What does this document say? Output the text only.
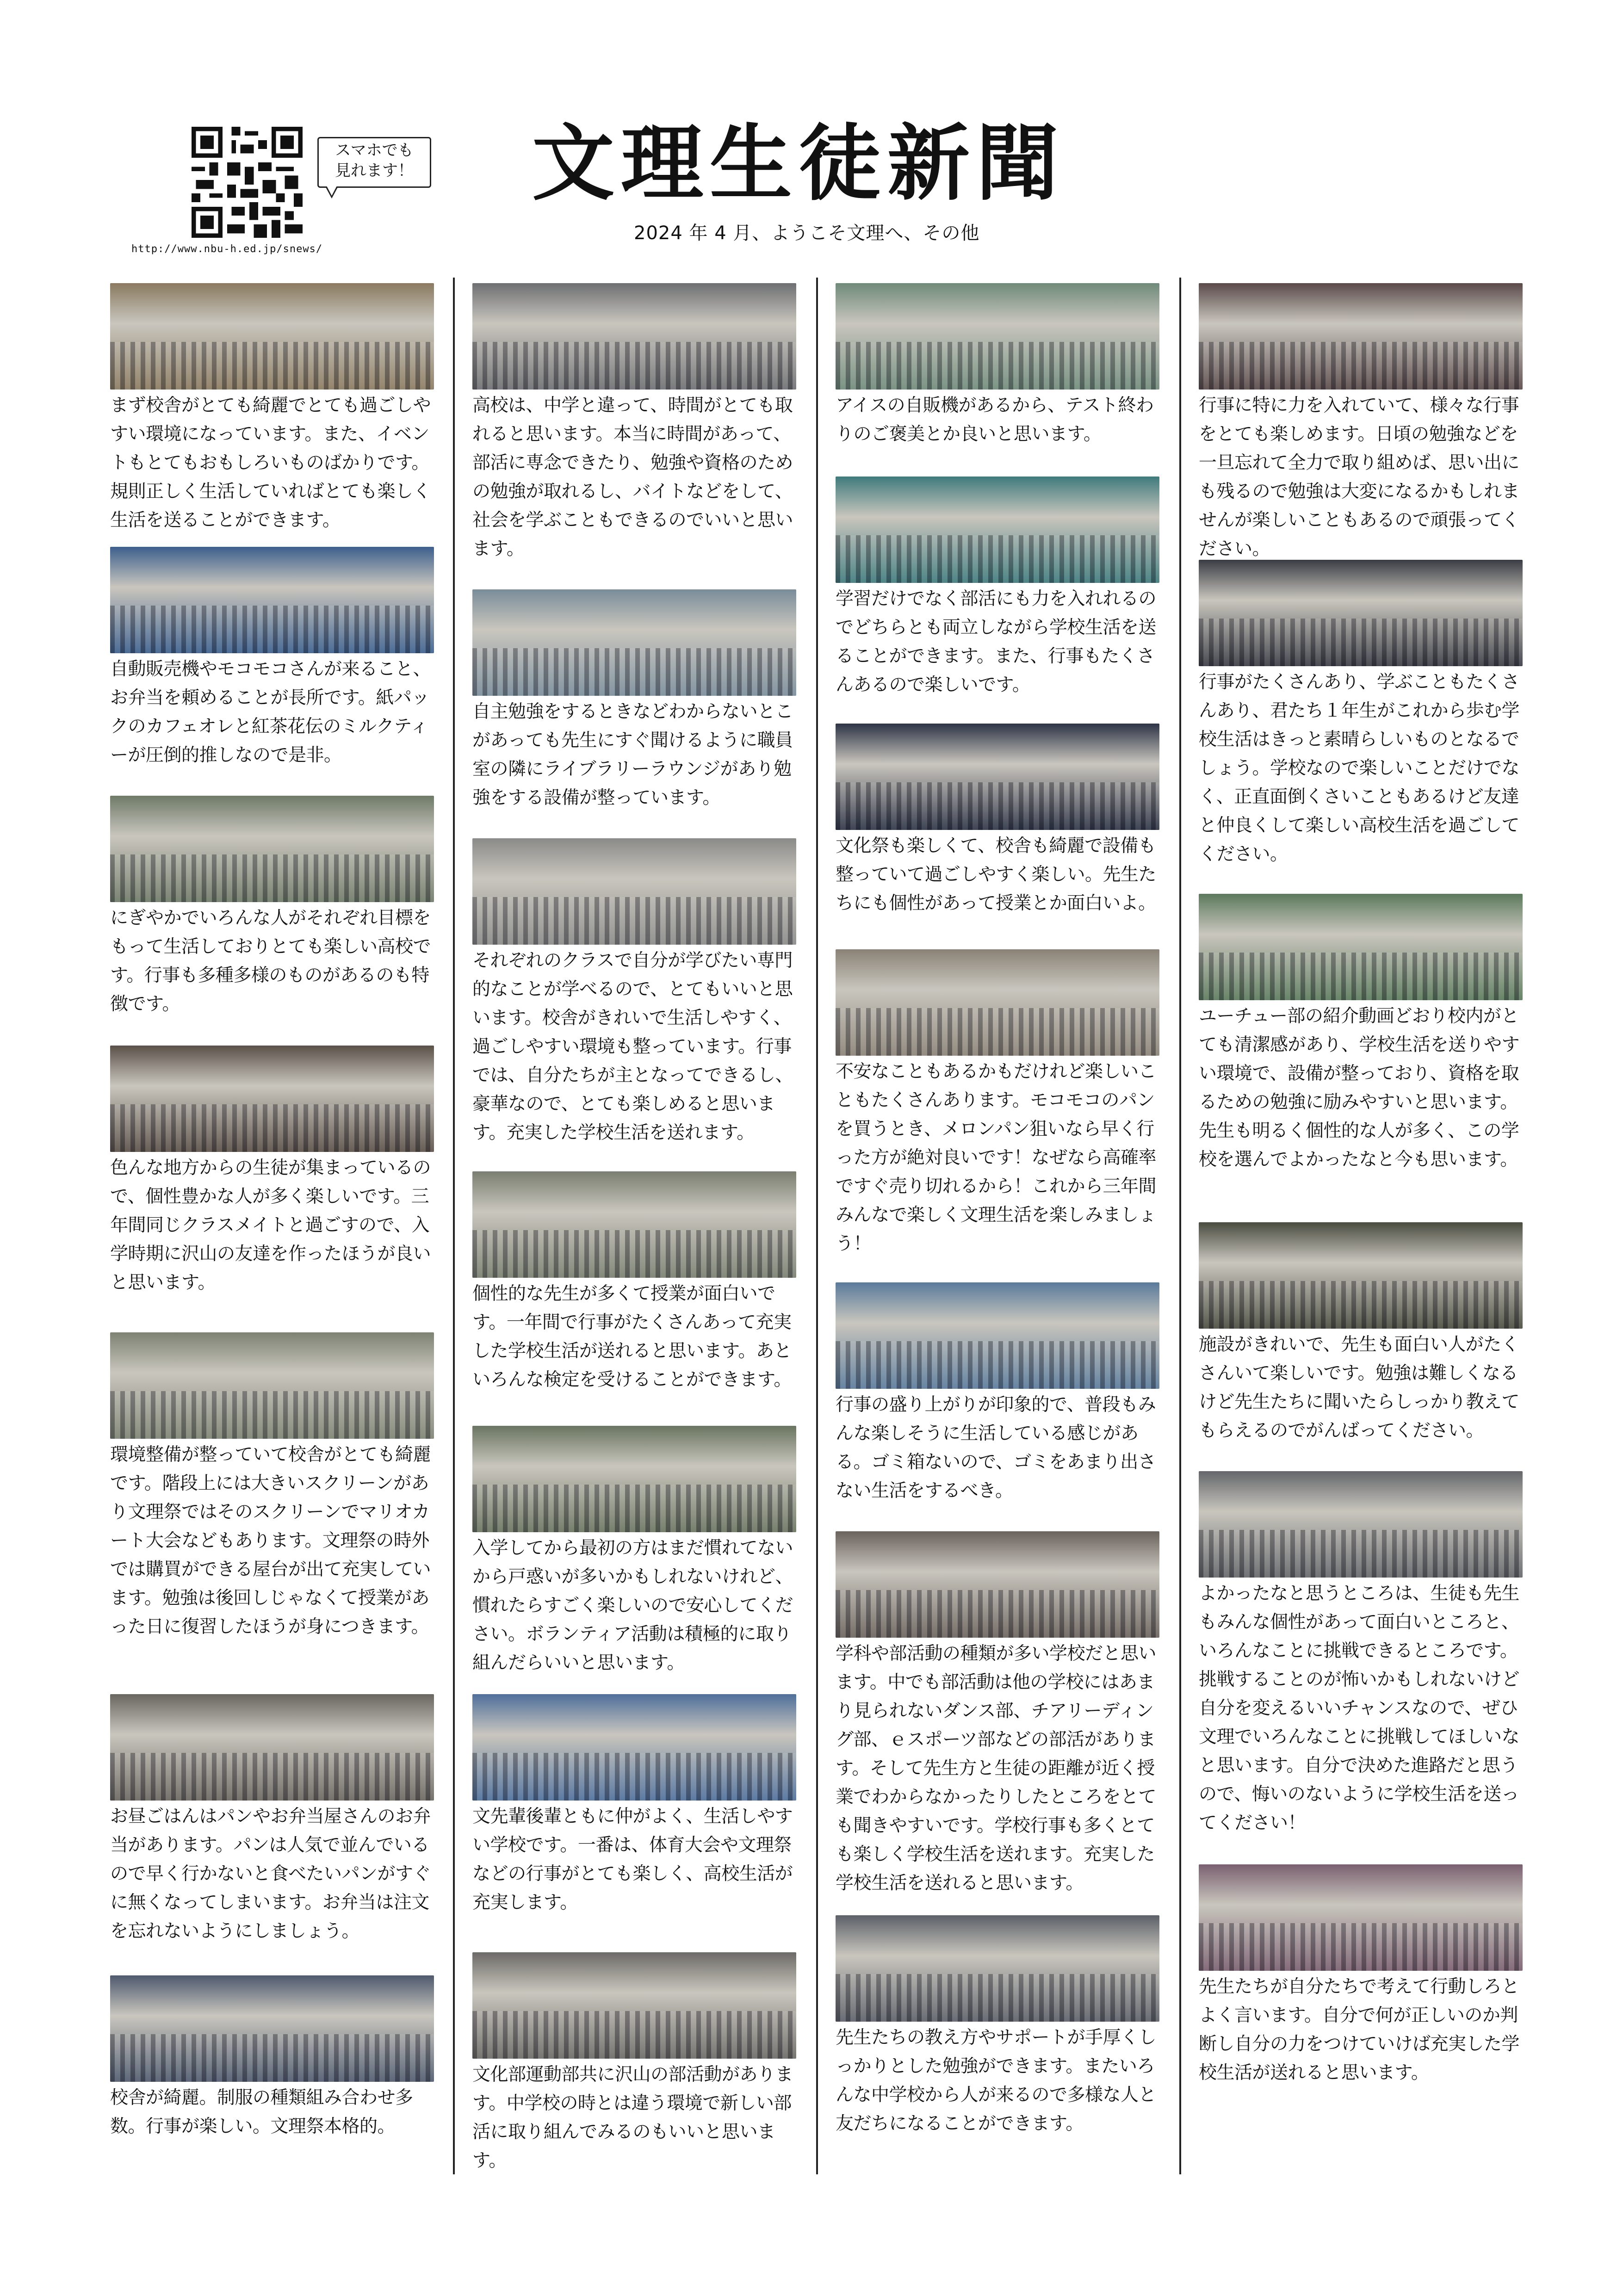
スマホでも
見れます！
http://www.nbu-h.ed.jp/snews/
文理生徒新聞
2024 年 4 月、ようこそ文理へ、その他

まず校舎がとても綺麗でとても過ごしやすい環境になっています。また、イベントもとてもおもしろいものばかりです。規則正しく生活していればとても楽しく生活を送ることができます。

自動販売機やモコモコさんが来ること、お弁当を頼めることが長所です。紙パックのカフェオレと紅茶花伝のミルクティーが圧倒的推しなので是非。

にぎやかでいろんな人がそれぞれ目標をもって生活しておりとても楽しい高校です。行事も多種多様のものがあるのも特徴です。

色んな地方からの生徒が集まっているので、個性豊かな人が多く楽しいです。三年間同じクラスメイトと過ごすので、入学時期に沢山の友達を作ったほうが良いと思います。

環境整備が整っていて校舎がとても綺麗です。階段上には大きいスクリーンがあり文理祭ではそのスクリーンでマリオカート大会などもあります。文理祭の時外では購買ができる屋台が出て充実しています。勉強は後回しじゃなくて授業があった日に復習したほうが身につきます。

お昼ごはんはパンやお弁当屋さんのお弁当があります。パンは人気で並んでいるので早く行かないと食べたいパンがすぐに無くなってしまいます。お弁当は注文を忘れないようにしましょう。

校舎が綺麗。制服の種類組み合わせ多数。行事が楽しい。文理祭本格的。

高校は、中学と違って、時間がとても取れると思います。本当に時間があって、部活に専念できたり、勉強や資格のための勉強が取れるし、バイトなどをして、社会を学ぶこともできるのでいいと思います。

自主勉強をするときなどわからないとこがあっても先生にすぐ聞けるように職員室の隣にライブラリーラウンジがあり勉強をする設備が整っています。

それぞれのクラスで自分が学びたい専門的なことが学べるので、とてもいいと思います。校舎がきれいで生活しやすく、過ごしやすい環境も整っています。行事では、自分たちが主となってできるし、豪華なので、とても楽しめると思います。充実した学校生活を送れます。

個性的な先生が多くて授業が面白いです。一年間で行事がたくさんあって充実した学校生活が送れると思います。あといろんな検定を受けることができます。

入学してから最初の方はまだ慣れてないから戸惑いが多いかもしれないけれど、慣れたらすごく楽しいので安心してください。ボランティア活動は積極的に取り組んだらいいと思います。

文先輩後輩ともに仲がよく、生活しやすい学校です。一番は、体育大会や文理祭などの行事がとても楽しく、高校生活が充実します。

文化部運動部共に沢山の部活動があります。中学校の時とは違う環境で新しい部活に取り組んでみるのもいいと思います。

アイスの自販機があるから、テスト終わりのご褒美とか良いと思います。

学習だけでなく部活にも力を入れれるのでどちらとも両立しながら学校生活を送ることができます。また、行事もたくさんあるので楽しいです。

文化祭も楽しくて、校舎も綺麗で設備も整っていて過ごしやすく楽しい。先生たちにも個性があって授業とか面白いよ。

不安なこともあるかもだけれど楽しいこともたくさんあります。モコモコのパンを買うとき、メロンパン狙いなら早く行った方が絶対良いです！なぜなら高確率ですぐ売り切れるから！これから三年間みんなで楽しく文理生活を楽しみましょう！

行事の盛り上がりが印象的で、普段もみんな楽しそうに生活している感じがある。ゴミ箱ないので、ゴミをあまり出さない生活をするべき。

学科や部活動の種類が多い学校だと思います。中でも部活動は他の学校にはあまり見られないダンス部、チアリーディング部、ｅスポーツ部などの部活があります。そして先生方と生徒の距離が近く授業でわからなかったりしたところをとても聞きやすいです。学校行事も多くとても楽しく学校生活を送れます。充実した学校生活を送れると思います。

先生たちの教え方やサポートが手厚くしっかりとした勉強ができます。またいろんな中学校から人が来るので多様な人と友だちになることができます。

行事に特に力を入れていて、様々な行事をとても楽しめます。日頃の勉強などを一旦忘れて全力で取り組めば、思い出にも残るので勉強は大変になるかもしれませんが楽しいこともあるので頑張ってください。

行事がたくさんあり、学ぶこともたくさんあり、君たち１年生がこれから歩む学校生活はきっと素晴らしいものとなるでしょう。学校なので楽しいことだけでなく、正直面倒くさいこともあるけど友達と仲良くして楽しい高校生活を過ごしてください。

ユーチュー部の紹介動画どおり校内がとても清潔感があり、学校生活を送りやすい環境で、設備が整っており、資格を取るための勉強に励みやすいと思います。先生も明るく個性的な人が多く、この学校を選んでよかったなと今も思います。

施設がきれいで、先生も面白い人がたくさんいて楽しいです。勉強は難しくなるけど先生たちに聞いたらしっかり教えてもらえるのでがんばってください。

よかったなと思うところは、生徒も先生もみんな個性があって面白いところと、いろんなことに挑戦できるところです。挑戦することのが怖いかもしれないけど自分を変えるいいチャンスなので、ぜひ文理でいろんなことに挑戦してほしいなと思います。自分で決めた進路だと思うので、悔いのないように学校生活を送ってください！

先生たちが自分たちで考えて行動しろとよく言います。自分で何が正しいのか判断し自分の力をつけていけば充実した学校生活が送れると思います。
